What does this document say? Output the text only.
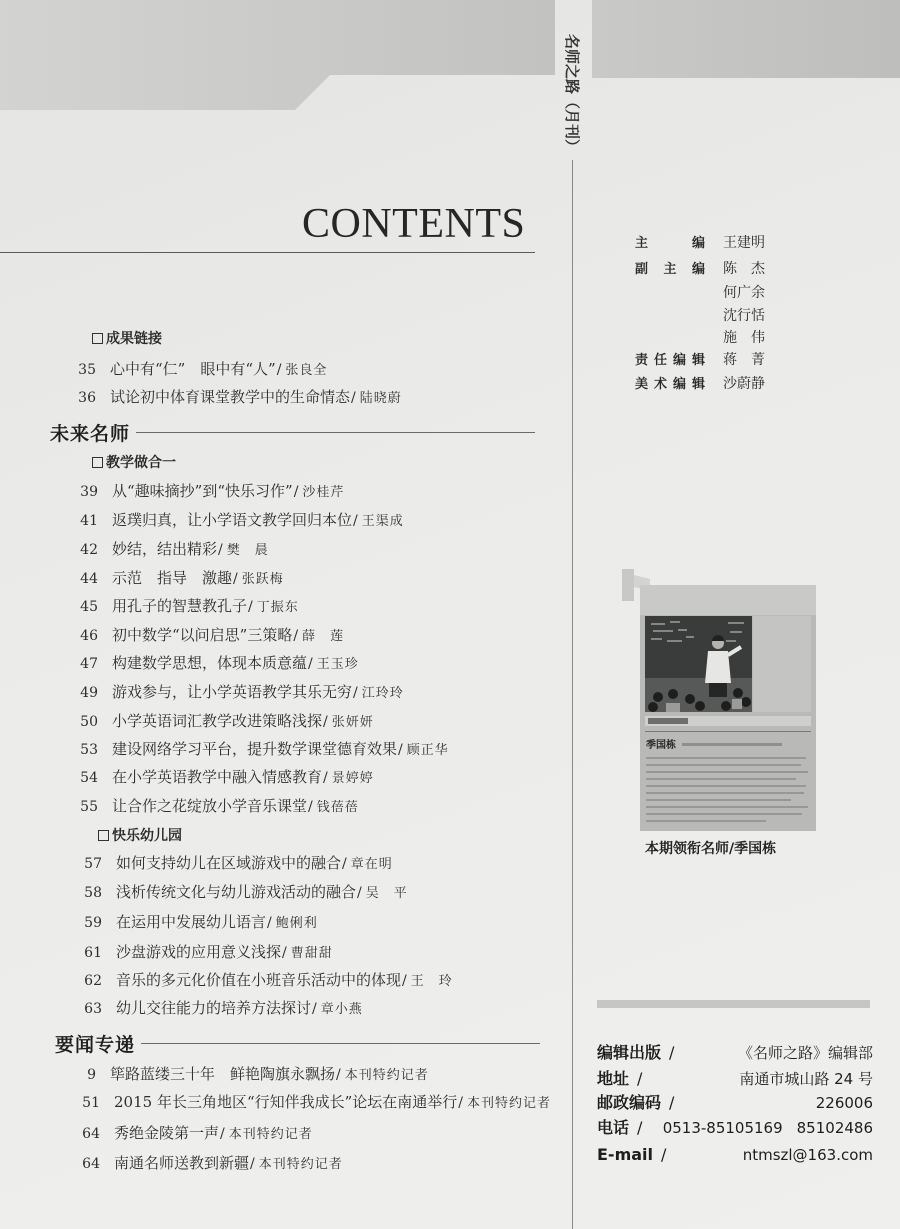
名师之路（月刊）
CONTENTS
成果链接
35 心中有“仁”　眼中有“人” / 张良全
36 试论初中体育课堂教学中的生命情态 / 陆晓蔚
未来名师
教学做合一
39 从“趣味摘抄”到“快乐习作” / 沙桂芹
41 返璞归真，让小学语文教学回归本位 / 王渠成
42 妙结，结出精彩 / 樊　晨
44 示范　指导　激趣 / 张跃梅
45 用孔子的智慧教孔子 / 丁振东
46 初中数学“以问启思”三策略 / 薛　莲
47 构建数学思想，体现本质意蕴 / 王玉珍
49 游戏参与，让小学英语教学其乐无穷 / 江玲玲
50 小学英语词汇教学改进策略浅探 / 张妍妍
53 建设网络学习平台，提升数学课堂德育效果 / 顾正华
54 在小学英语教学中融入情感教育 / 景婷婷
55 让合作之花绽放小学音乐课堂 / 钱蓓蓓
快乐幼儿园
57 如何支持幼儿在区域游戏中的融合 / 章在明
58 浅析传统文化与幼儿游戏活动的融合 / 吴　平
59 在运用中发展幼儿语言 / 鲍俐利
61 沙盘游戏的应用意义浅探 / 曹甜甜
62 音乐的多元化价值在小班音乐活动中的体现 / 王　玲
63 幼儿交往能力的培养方法探讨 / 章小燕
要闻专递
9 筚路蓝缕三十年　鲜艳陶旗永飘扬 / 本刊特约记者
51 2015 年长三角地区“行知伴我成长”论坛在南通举行 / 本刊特约记者
64 秀绝金陵第一声 / 本刊特约记者
64 南通名师送教到新疆 / 本刊特约记者
主编 王建明
副主编 陈　杰
何广余
沈行恬
施　伟
责任编辑 蒋　菁
美术编辑 沙蔚静
季国栋
本期领衔名师/季国栋
编辑出版 /	《名师之路》编辑部
地址 /	南通市城山路 24 号
邮政编码 /	226006
电话 / 0513-85105169 85102486
E-mail /	ntmszl@163.com
